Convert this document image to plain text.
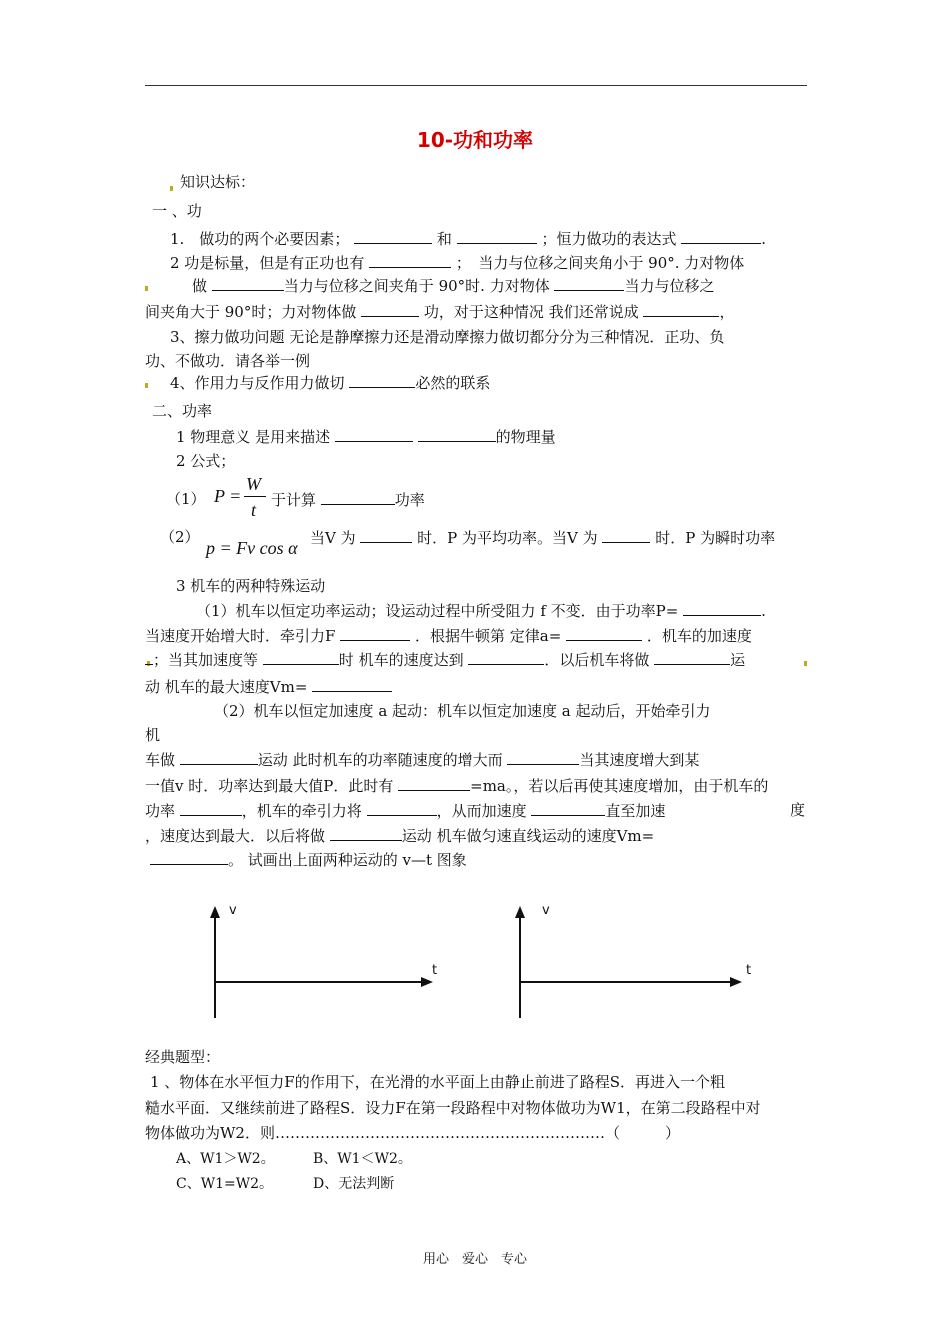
10-功和功率
知识达标：
一 、功
1.　做功的两个必要因素；	和	；恒力做功的表达式	.
2 功是标量，但是有正功也有	；　当力与位移之间夹角小于 90°. 力对物体
做	当力与位移之间夹角于 90°时. 力对物体	当力与位移之
间夹角大于 90°时；力对物体做	功，对于这种情况 我们还常说成	，
3、擦力做功问题 无论是静摩擦力还是滑动摩擦力做切都分分为三种情况．正功、负
功、不做功．请各举一例
4、作用力与反作用力做切	必然的联系
二、功率
1 物理意义 是用来描述	的物理量
2 公式；
（1） P =
W
t 于计算	功率
（2）
p = Fv cos α 当V 为	时．P 为平均功率。当V 为	时．P 为瞬时功率
3 机车的两种特殊运动
（1）机车以恒定功率运动；设运动过程中所受阻力 f 不变．由于功率P=	.
当速度开始增大时．牵引力F	．根据牛顿第 定律a=	．机车的加速度
；当其加速度等	时 机车的速度达到	．以后机车将做	运
动 机车的最大速度Vm=
（2）机车以恒定加速度 a 起动：机车以恒定加速度 a 起动后，开始牵引力
机
车做	运动 此时机车的功率随速度的增大而	当其速度增大到某
一值v 时．功率达到最大值P．此时有	=ma。，若以后再使其速度增加，由于机车的
功率	，机车的牵引力将	，从而加速度	直至加速	度
，速度达到最大．以后将做	运动 机车做匀速直线运动的速度Vm=
。 试画出上面两种运动的 v—t 图象
v
t
v
t
经典题型：
1 、物体在水平恒力F的作用下，在光滑的水平面上由静止前进了路程S．再进入一个粗
糙水平面．又继续前进了路程S．设力F在第一段路程中对物体做功为W1，在第二段路程中对
物体做功为W2．则…………………………………………………………（　　　）
A、W1＞W2。	B、W1＜W2。
C、W1=W2。	D、无法判断
用心　爱心　专心
